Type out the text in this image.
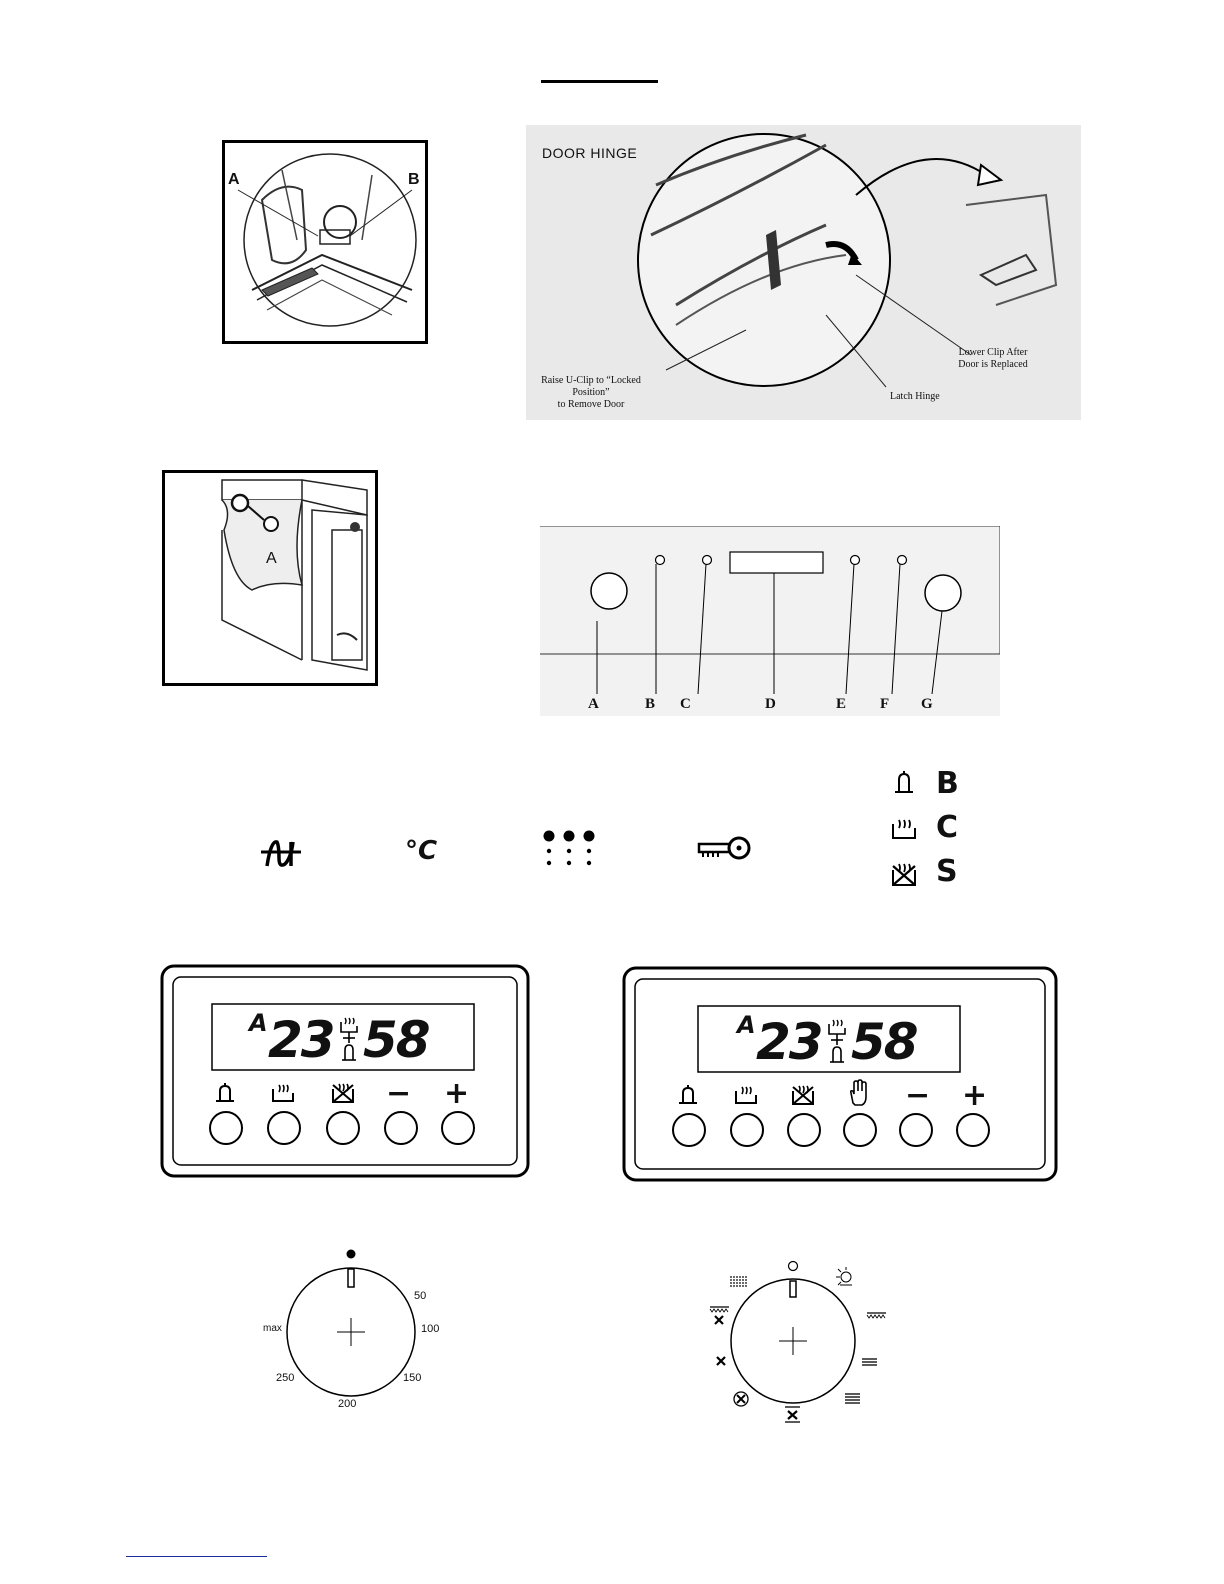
A	B
DOOR HINGE
Raise U-Clip to “Locked
Position”
to Remove Door
Latch Hinge
Lower Clip After
Door is Replaced
A
A	B C	D	E F G
°C
B
C
S
A 23 58
− +
A 23 58
− +
50
100
150
200
250
max
